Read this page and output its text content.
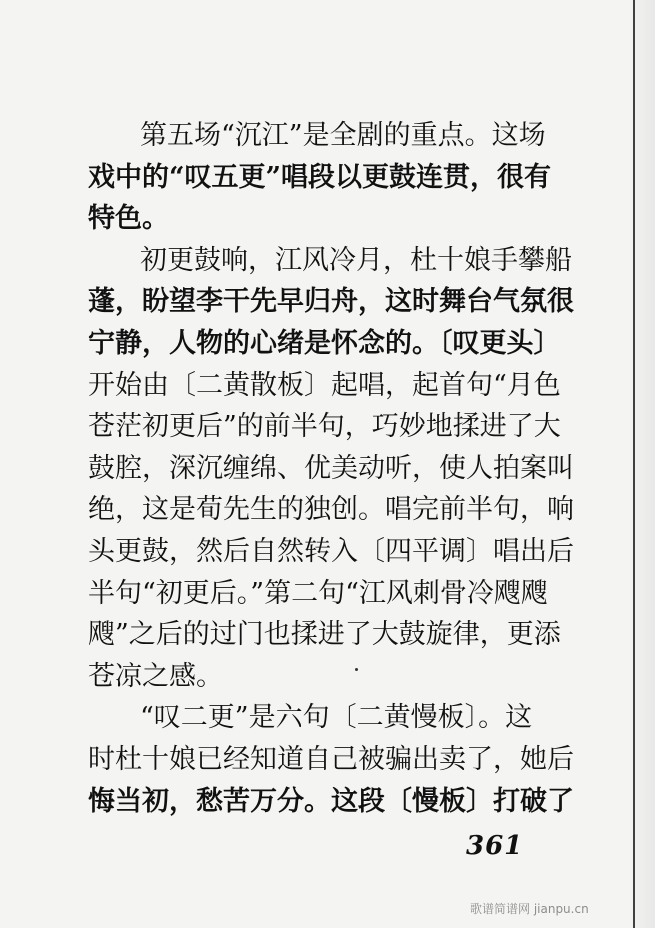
第五场“沉江”是全剧的重点。这场
戏中的“叹五更”唱段以更鼓连贯，很有
特色。
初更鼓响，江风冷月，杜十娘手攀船
蓬，盼望李干先早归舟，这时舞台气氛很
宁静，人物的心绪是怀念的。〔叹更头〕
开始由〔二黄散板〕起唱，起首句“月色
苍茫初更后”的前半句，巧妙地揉进了大
鼓腔，深沉缠绵、优美动听，使人拍案叫
绝，这是荀先生的独创。唱完前半句，响
头更鼓，然后自然转入〔四平调〕唱出后
半句“初更后。”第二句“江风刺骨冷飕飕
飕”之后的过门也揉进了大鼓旋律，更添
苍凉之感。
“叹二更”是六句〔二黄慢板〕。这
时杜十娘已经知道自己被骗出卖了，她后
悔当初，愁苦万分。这段〔慢板〕打破了
361
歌谱简谱网 jianpu.cn
